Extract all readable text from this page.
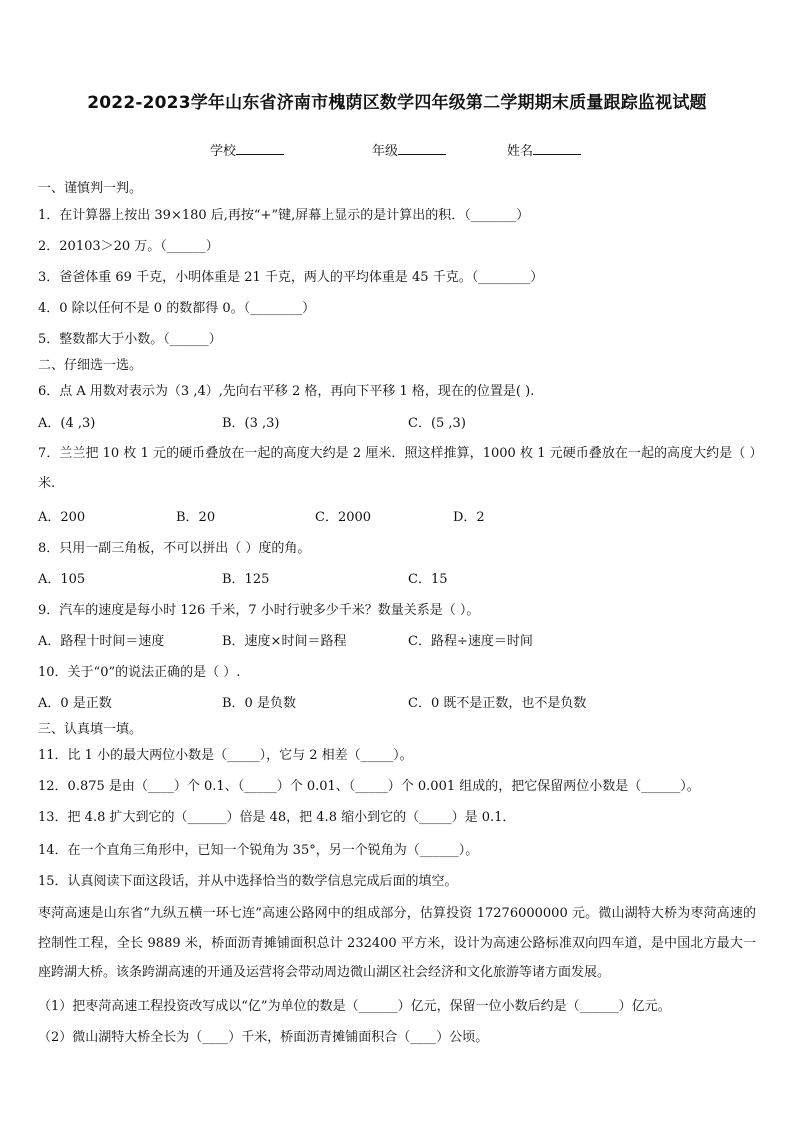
2022-2023学年山东省济南市槐荫区数学四年级第二学期期末质量跟踪监视试题
学校	年级	姓名
一、谨慎判一判。
1．在计算器上按出 39×180 后,再按“+”键,屏幕上显示的是计算出的积．（_______）
2．20103＞20 万。（______）
3．爸爸体重 69 千克，小明体重是 21 千克，两人的平均体重是 45 千克。（________）
4．0 除以任何不是 0 的数都得 0。（________）
5．整数都大于小数。（______）
二、仔细选一选。
6．点 A 用数对表示为（3 ,4）,先向右平移 2 格，再向下平移 1 格，现在的位置是( ).
A．(4 ,3)	B．(3 ,3)	C．(5 ,3)
7．兰兰把 10 枚 1 元的硬币叠放在一起的高度大约是 2 厘米．照这样推算，1000 枚 1 元硬币叠放在一起的高度大约是（ ）米.
A．200	B．20	C．2000	D．2
8．只用一副三角板，不可以拼出（ ）度的角。
A．105	B．125	C．15
9．汽车的速度是每小时 126 千米，7 小时行驶多少千米？数量关系是（ ）。
A．路程十时间＝速度	B．速度×时间＝路程	C．路程÷速度＝时间
10．关于“0”的说法正确的是（ ）.
A．0 是正数	B．0 是负数	C．0 既不是正数，也不是负数
三、认真填一填。
11．比 1 小的最大两位小数是（_____），它与 2 相差（_____）。
12．0.875 是由（____）个 0.1、（_____）个 0.01、（_____）个 0.001 组成的，把它保留两位小数是（______）。
13．把 4.8 扩大到它的（______）倍是 48，把 4.8 缩小到它的（_____）是 0.1．
14．在一个直角三角形中，已知一个锐角为 35°，另一个锐角为（______）。
15．认真阅读下面这段话，并从中选择恰当的数学信息完成后面的填空。
枣菏高速是山东省“九纵五横一环七连”高速公路网中的组成部分，估算投资 17276000000 元。微山湖特大桥为枣菏高速的控制性工程，全长 9889 米，桥面沥青摊铺面积总计 232400 平方米，设计为高速公路标准双向四车道，是中国北方最大一座跨湖大桥。该条跨湖高速的开通及运营将会带动周边微山湖区社会经济和文化旅游等诸方面发展。
（1）把枣菏高速工程投资改写成以“亿”为单位的数是（______）亿元，保留一位小数后约是（______）亿元。
（2）微山湖特大桥全长为（____）千米，桥面沥青摊铺面积合（____）公顷。
